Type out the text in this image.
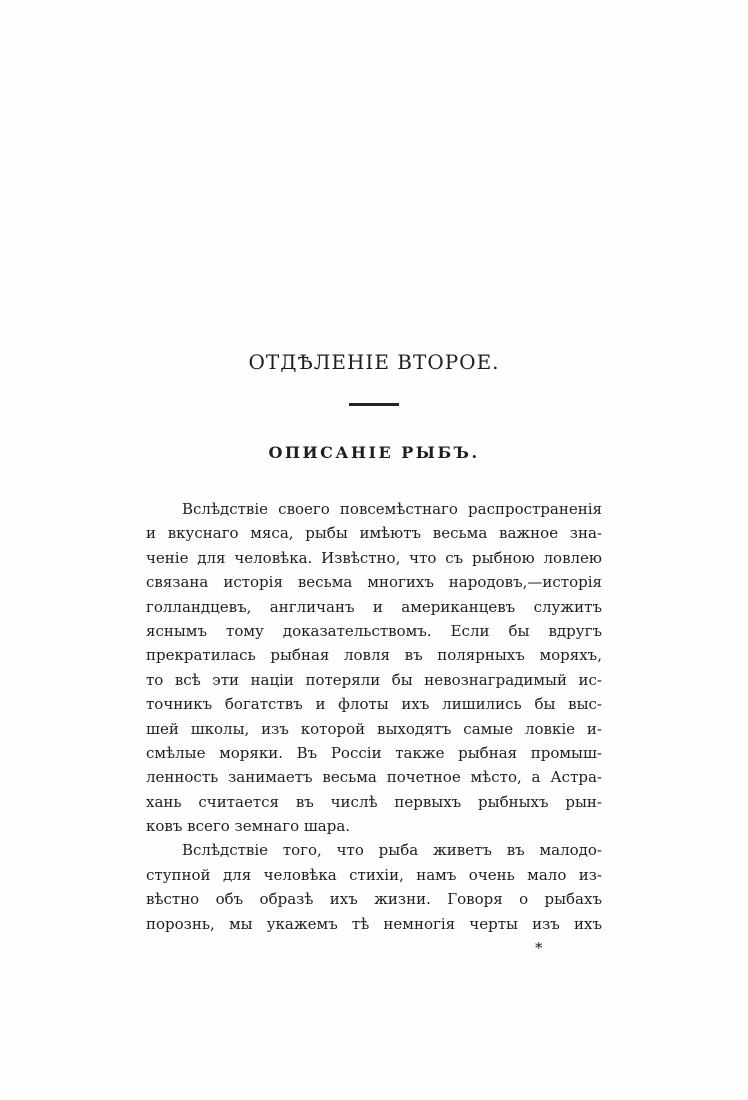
ОТДѢЛЕНІЕ ВТОРОЕ.
ОПИСАНІЕ РЫБЪ.
Вслѣдствіе своего повсемѣстнаго распространенія
и вкуснаго мяса, рыбы имѣютъ весьма важное зна-
ченіе для человѣка. Извѣстно, что съ рыбною ловлею
связана исторія весьма многихъ народовъ,—исторія
голландцевъ, англичанъ и американцевъ служитъ
яснымъ тому доказательствомъ. Если бы вдругъ
прекратилась рыбная ловля въ полярныхъ моряхъ,
то всѣ эти націи потеряли бы невознаградимый ис-
точникъ богатствъ и флоты ихъ лишились бы выс-
шей школы, изъ которой выходятъ самые ловкіе и-
смѣлые моряки. Въ Россіи также рыбная промыш-
ленность занимаетъ весьма почетное мѣсто, а Астра-
хань считается въ числѣ первыхъ рыбныхъ рын-
ковъ всего земнаго шара.
Вслѣдствіе того, что рыба живетъ въ малодо-
ступной для человѣка стихіи, намъ очень мало из-
вѣстно объ образѣ ихъ жизни. Говоря о рыбахъ
порознь, мы укажемъ тѣ немногія черты изъ ихъ
*
